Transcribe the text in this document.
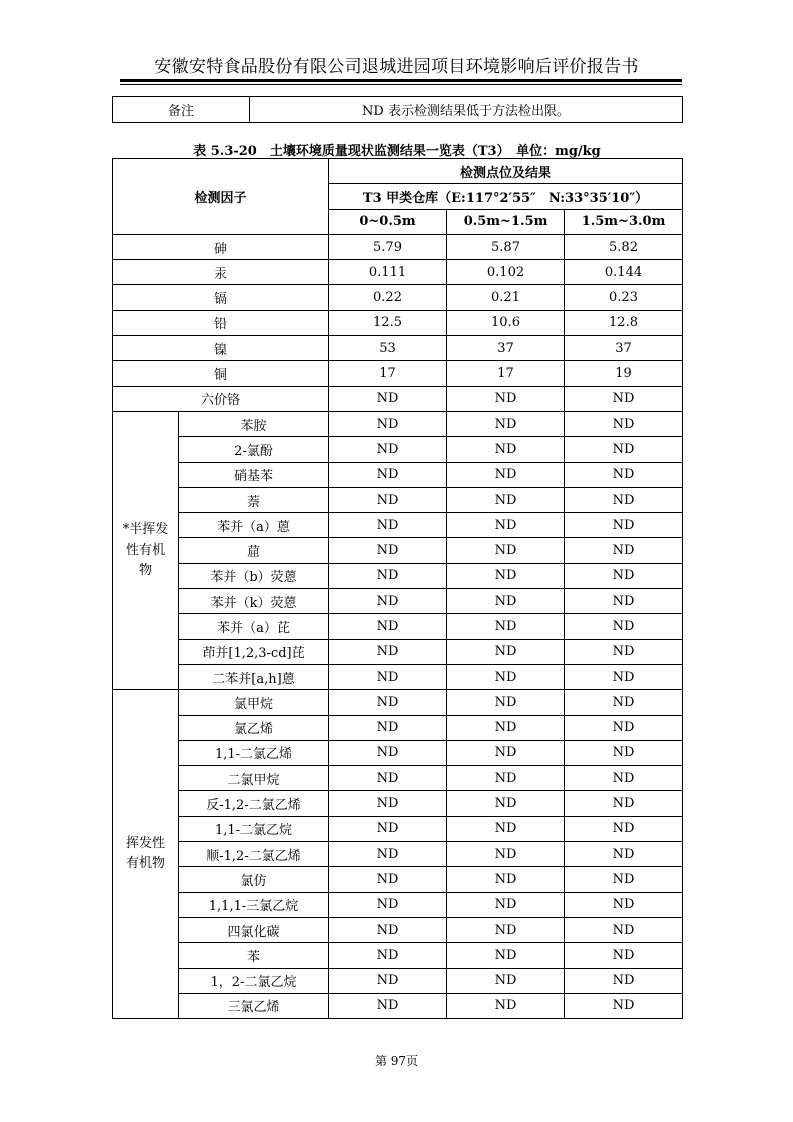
安徽安特食品股份有限公司退城进园项目环境影响后评价报告书
备注	ND 表示检测结果低于方法检出限。
表 5.3-20　土壤环境质量现状监测结果一览表（T3）　单位：mg/kg
检测因子		检测点位及结果		
		T3 甲类仓库（E:117°2′55″　N:33°35′10″）		
		0~0.5m	0.5m~1.5m	1.5m~3.0m
砷		5.79	5.87	5.82
汞		0.111	0.102	0.144
镉		0.22	0.21	0.23
铅		12.5	10.6	12.8
镍		53	37	37
铜		17	17	19
六价铬		ND	ND	ND
*半挥发
性有机
物	苯胺	ND	ND	ND
	2-氯酚	ND	ND	ND
	硝基苯	ND	ND	ND
	萘	ND	ND	ND
	苯并（a）蒽	ND	ND	ND
	䓛	ND	ND	ND
	苯并（b）荧蒽	ND	ND	ND
	苯并（k）荧蒽	ND	ND	ND
	苯并（a）芘	ND	ND	ND
	茚并[1,2,3-cd]芘	ND	ND	ND
	二苯并[a,h]蒽	ND	ND	ND
挥发性
有机物	氯甲烷	ND	ND	ND
	氯乙烯	ND	ND	ND
	1,1-二氯乙烯	ND	ND	ND
	二氯甲烷	ND	ND	ND
	反-1,2-二氯乙烯	ND	ND	ND
	1,1-二氯乙烷	ND	ND	ND
	顺-1,2-二氯乙烯	ND	ND	ND
	氯仿	ND	ND	ND
	1,1,1-三氯乙烷	ND	ND	ND
	四氯化碳	ND	ND	ND
	苯	ND	ND	ND
	1，2-二氯乙烷	ND	ND	ND
	三氯乙烯	ND	ND	ND
第 97页
